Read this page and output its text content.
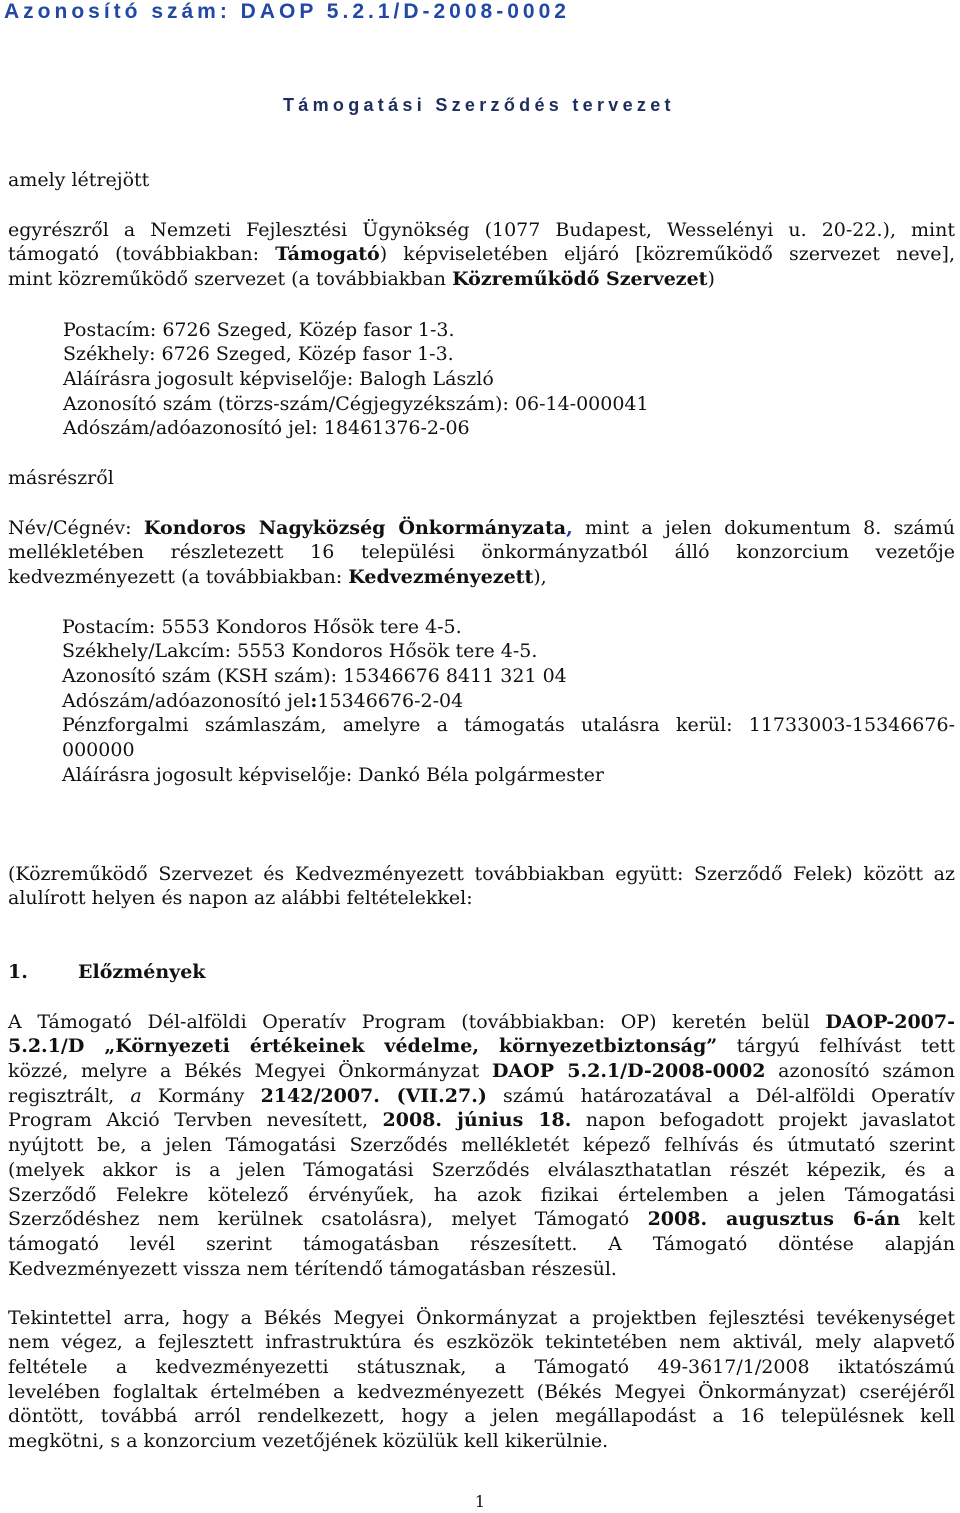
Azonosító szám: DAOP 5.2.1/D-2008-0002
Támogatási Szerződés tervezet
amely létrejött
egyrészről a Nemzeti Fejlesztési Ügynökség (1077 Budapest, Wesselényi u. 20-22.), mint
támogató (továbbiakban: Támogató) képviseletében eljáró [közreműködő szervezet neve],
mint közreműködő szervezet (a továbbiakban Közreműködő Szervezet)
Postacím: 6726 Szeged, Közép fasor 1-3.
Székhely: 6726 Szeged, Közép fasor 1-3.
Aláírásra jogosult képviselője: Balogh László
Azonosító szám (törzs-szám/Cégjegyzékszám): 06-14-000041
Adószám/adóazonosító jel: 18461376-2-06
másrészről
Név/Cégnév: Kondoros Nagyközség Önkormányzata, mint a jelen dokumentum 8. számú
mellékletében részletezett 16 települési önkormányzatból álló konzorcium vezetője
kedvezményezett (a továbbiakban: Kedvezményezett),
Postacím: 5553 Kondoros Hősök tere 4-5.
Székhely/Lakcím: 5553 Kondoros Hősök tere 4-5.
Azonosító szám (KSH szám): 15346676 8411 321 04
Adószám/adóazonosító jel:15346676-2-04
Pénzforgalmi számlaszám, amelyre a támogatás utalásra kerül: 11733003-15346676-
000000
Aláírásra jogosult képviselője: Dankó Béla polgármester
(Közreműködő Szervezet és Kedvezményezett továbbiakban együtt: Szerződő Felek) között az
alulírott helyen és napon az alábbi feltételekkel:
1.	Előzmények
A Támogató Dél-alföldi Operatív Program (továbbiakban: OP) keretén belül DAOP-2007-
5.2.1/D „Környezeti értékeinek védelme, környezetbiztonság” tárgyú felhívást tett
közzé, melyre a Békés Megyei Önkormányzat DAOP 5.2.1/D-2008-0002 azonosító számon
regisztrált, a Kormány 2142/2007. (VII.27.) számú határozatával a Dél-alföldi Operatív
Program Akció Tervben nevesített, 2008. június 18. napon befogadott projekt javaslatot
nyújtott be, a jelen Támogatási Szerződés mellékletét képező felhívás és útmutató szerint
(melyek akkor is a jelen Támogatási Szerződés elválaszthatatlan részét képezik, és a
Szerződő Felekre kötelező érvényűek, ha azok fizikai értelemben a jelen Támogatási
Szerződéshez nem kerülnek csatolásra), melyet Támogató 2008. augusztus 6-án kelt
támogató levél szerint támogatásban részesített. A Támogató döntése alapján
Kedvezményezett vissza nem térítendő támogatásban részesül.
Tekintettel arra, hogy a Békés Megyei Önkormányzat a projektben fejlesztési tevékenységet
nem végez, a fejlesztett infrastruktúra és eszközök tekintetében nem aktivál, mely alapvető
feltétele a kedvezményezetti státusznak, a Támogató 49-3617/1/2008 iktatószámú
levelében foglaltak értelmében a kedvezményezett (Békés Megyei Önkormányzat) cseréjéről
döntött, továbbá arról rendelkezett, hogy a jelen megállapodást a 16 településnek kell
megkötni, s a konzorcium vezetőjének közülük kell kikerülnie.
1
